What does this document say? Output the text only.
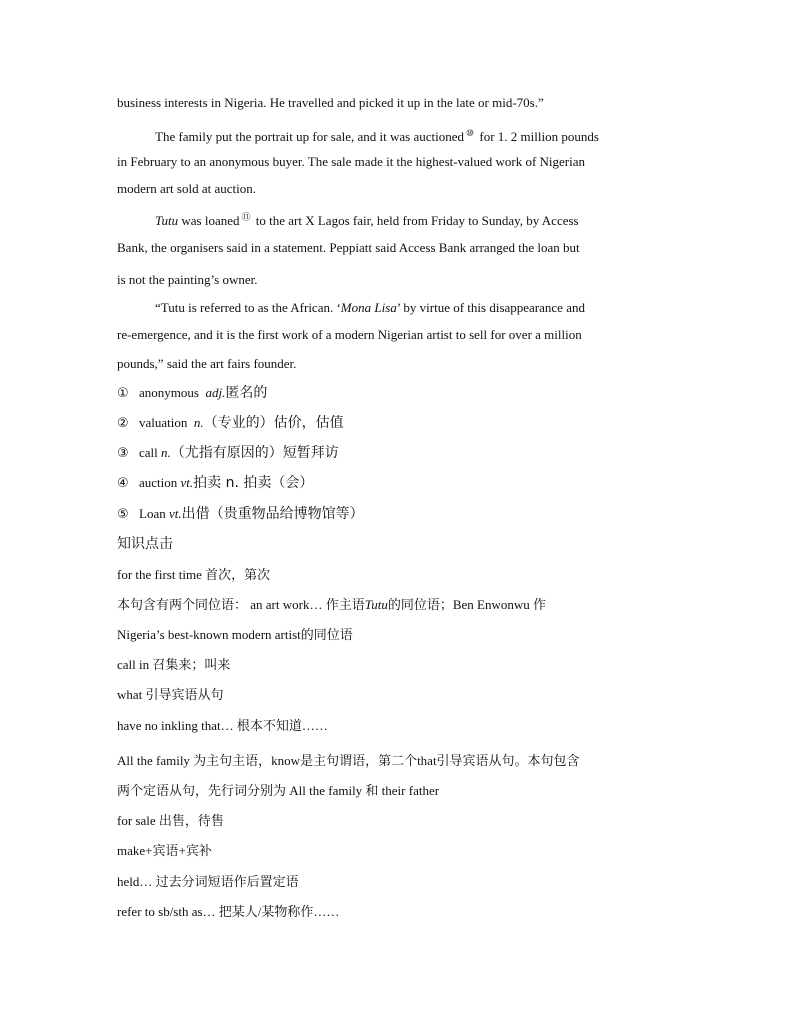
business interests in Nigeria. He travelled and picked it up in the late or mid-70s.”
The family put the portrait up for sale, and it was auctioned ⑩ for 1. 2 million pounds
in February to an anonymous buyer. The sale made it the highest-valued work of Nigerian
modern art sold at auction.
Tutu was loaned ⑪ to the art X Lagos fair, held from Friday to Sunday, by Access
Bank, the organisers said in a statement. Peppiatt said Access Bank arranged the loan but
is not the painting’s owner.
“Tutu is referred to as the African. ‘Mona Lisa’ by virtue of this disappearance and
re-emergence, and it is the first work of a modern Nigerian artist to sell for over a million
pounds,” said the art fairs founder.
① anonymous adj.匿名的
② valuation n.（专业的）估价，估值
③ call n.（尤指有原因的）短暂拜访
④ auction vt.拍卖 n. 拍卖（会）
⑤ Loan vt.出借（贵重物品给博物馆等）
知识点击
for the first time 首次，第次
本句含有两个同位语： an art work… 作主语Tutu的同位语；Ben Enwonwu 作
Nigeria’s best-known modern artist的同位语
call in 召集来；叫来
what 引导宾语从句
have no inkling that… 根本不知道……
All the family 为主句主语，know是主句谓语，第二个that引导宾语从句。本句包含
两个定语从句，先行词分别为 All the family 和 their father
for sale 出售，待售
make+宾语+宾补
held… 过去分词短语作后置定语
refer to sb/sth as… 把某人/某物称作……
